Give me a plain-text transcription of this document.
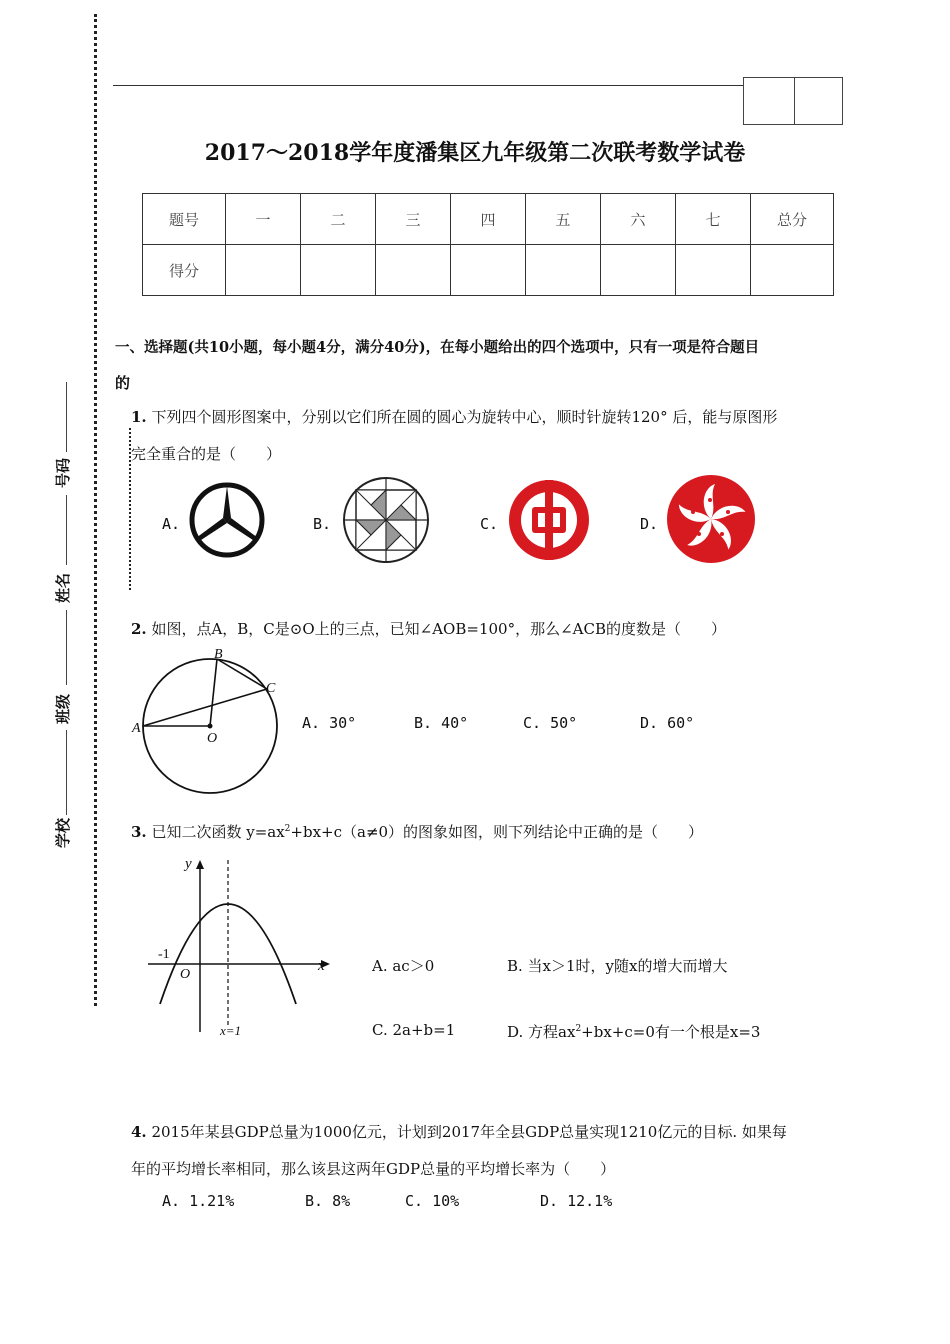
号码
姓名
班级
学校
2017～2018学年度潘集区九年级第二次联考数学试卷
题号	一	二	三	四	五	六	七	总分
得分								
一、选择题(共10小题，每小题4分，满分40分)，在每小题给出的四个选项中，只有一项是符合题目
的
1. 下列四个圆形图案中，分别以它们所在圆的圆心为旋转中心，顺时针旋转120° 后，能与原图形
完全重合的是（　　）
A.	B.	C.	D.
2. 如图，点A，B，C是⊙O上的三点，已知∠AOB=100°，那么∠ACB的度数是（　　）
A
B
C
O
A. 30°	B. 40°	C. 50°	D. 60°
3. 已知二次函数 $y=ax^2+bx+c(a\ne 0)$的图象如图，则下列结论中正确的是（　　）
y
x
-1
O
x=1
A. ac＞0	B. 当x＞1时，y随x的增大而增大
C. 2a+b=1	D. 方程$ax^2+bx+c=0$有一个根是x=3
4. 2015年某县GDP总量为1000亿元，计划到2017年全县GDP总量实现1210亿元的目标. 如果每
年的平均增长率相同，那么该县这两年GDP总量的平均增长率为（　　）
A. 1.21%	B. 8%	C. 10%	D. 12.1%
